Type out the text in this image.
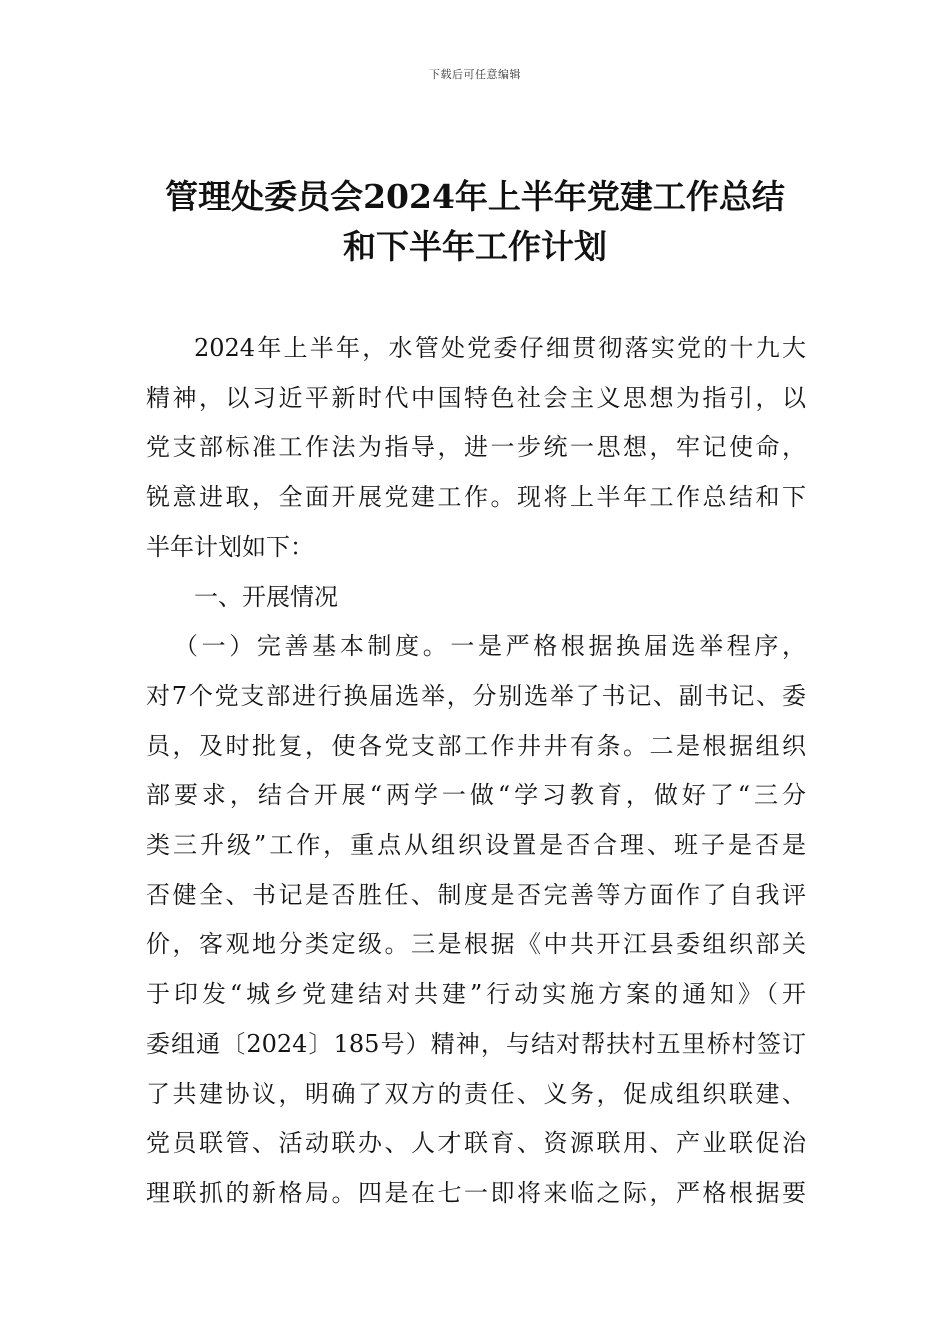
下载后可任意编辑
管理处委员会2024年上半年党建工作总结
和下半年工作计划
2024年上半年，水管处党委仔细贯彻落实党的十九大
精神，以习近平新时代中国特色社会主义思想为指引，以
党支部标准工作法为指导，进一步统一思想，牢记使命，
锐意进取，全面开展党建工作。现将上半年工作总结和下
半年计划如下：
一、开展情况
（一）完善基本制度。一是严格根据换届选举程序，
对7个党支部进行换届选举，分别选举了书记、副书记、委
员，及时批复，使各党支部工作井井有条。二是根据组织
部要求，结合开展“两学一做“学习教育，做好了“三分
类三升级”工作，重点从组织设置是否合理、班子是否是
否健全、书记是否胜任、制度是否完善等方面作了自我评
价，客观地分类定级。三是根据《中共开江县委组织部关
于印发“城乡党建结对共建”行动实施方案的通知》（开
委组通〔2024〕185号）精神，与结对帮扶村五里桥村签订
了共建协议，明确了双方的责任、义务，促成组织联建、
党员联管、活动联办、人才联育、资源联用、产业联促治
理联抓的新格局。四是在七一即将来临之际，严格根据要
